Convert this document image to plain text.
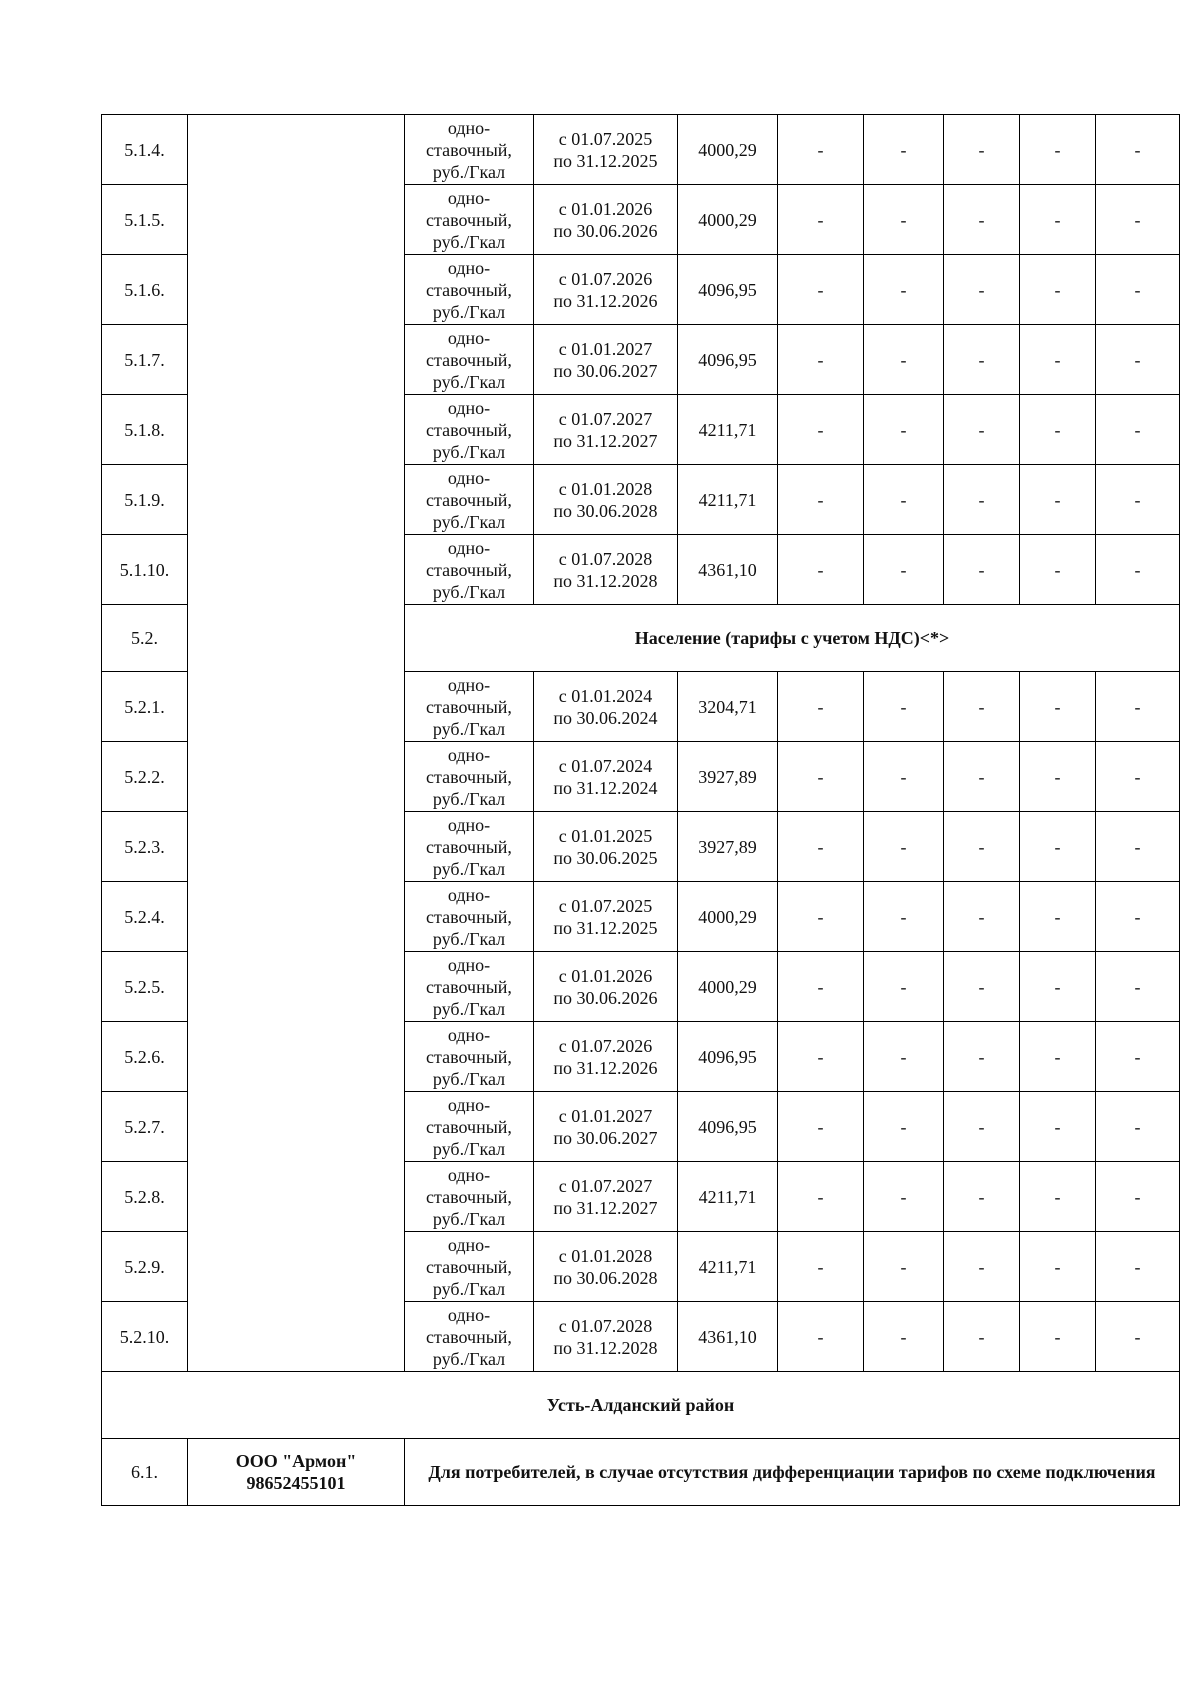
5.1.4.		одно-
ставочный,
руб./Гкал	с 01.07.2025
по 31.12.2025	4000,29	-	-	-	-	-
5.1.5.		одно-
ставочный,
руб./Гкал	с 01.01.2026
по 30.06.2026	4000,29	-	-	-	-	-
5.1.6.		одно-
ставочный,
руб./Гкал	с 01.07.2026
по 31.12.2026	4096,95	-	-	-	-	-
5.1.7.		одно-
ставочный,
руб./Гкал	с 01.01.2027
по 30.06.2027	4096,95	-	-	-	-	-
5.1.8.		одно-
ставочный,
руб./Гкал	с 01.07.2027
по 31.12.2027	4211,71	-	-	-	-	-
5.1.9.		одно-
ставочный,
руб./Гкал	с 01.01.2028
по 30.06.2028	4211,71	-	-	-	-	-
5.1.10.		одно-
ставочный,
руб./Гкал	с 01.07.2028
по 31.12.2028	4361,10	-	-	-	-	-
5.2.		Население (тарифы с учетом НДС)<*>							
5.2.1.		одно-
ставочный,
руб./Гкал	с 01.01.2024
по 30.06.2024	3204,71	-	-	-	-	-
5.2.2.		одно-
ставочный,
руб./Гкал	с 01.07.2024
по 31.12.2024	3927,89	-	-	-	-	-
5.2.3.		одно-
ставочный,
руб./Гкал	с 01.01.2025
по 30.06.2025	3927,89	-	-	-	-	-
5.2.4.		одно-
ставочный,
руб./Гкал	с 01.07.2025
по 31.12.2025	4000,29	-	-	-	-	-
5.2.5.		одно-
ставочный,
руб./Гкал	с 01.01.2026
по 30.06.2026	4000,29	-	-	-	-	-
5.2.6.		одно-
ставочный,
руб./Гкал	с 01.07.2026
по 31.12.2026	4096,95	-	-	-	-	-
5.2.7.		одно-
ставочный,
руб./Гкал	с 01.01.2027
по 30.06.2027	4096,95	-	-	-	-	-
5.2.8.		одно-
ставочный,
руб./Гкал	с 01.07.2027
по 31.12.2027	4211,71	-	-	-	-	-
5.2.9.		одно-
ставочный,
руб./Гкал	с 01.01.2028
по 30.06.2028	4211,71	-	-	-	-	-
5.2.10.		одно-
ставочный,
руб./Гкал	с 01.07.2028
по 31.12.2028	4361,10	-	-	-	-	-
Усть-Алданский район									
6.1.	ООО "Армон"
98652455101	Для потребителей, в случае отсутствия дифференциации тарифов по схеме подключения							
